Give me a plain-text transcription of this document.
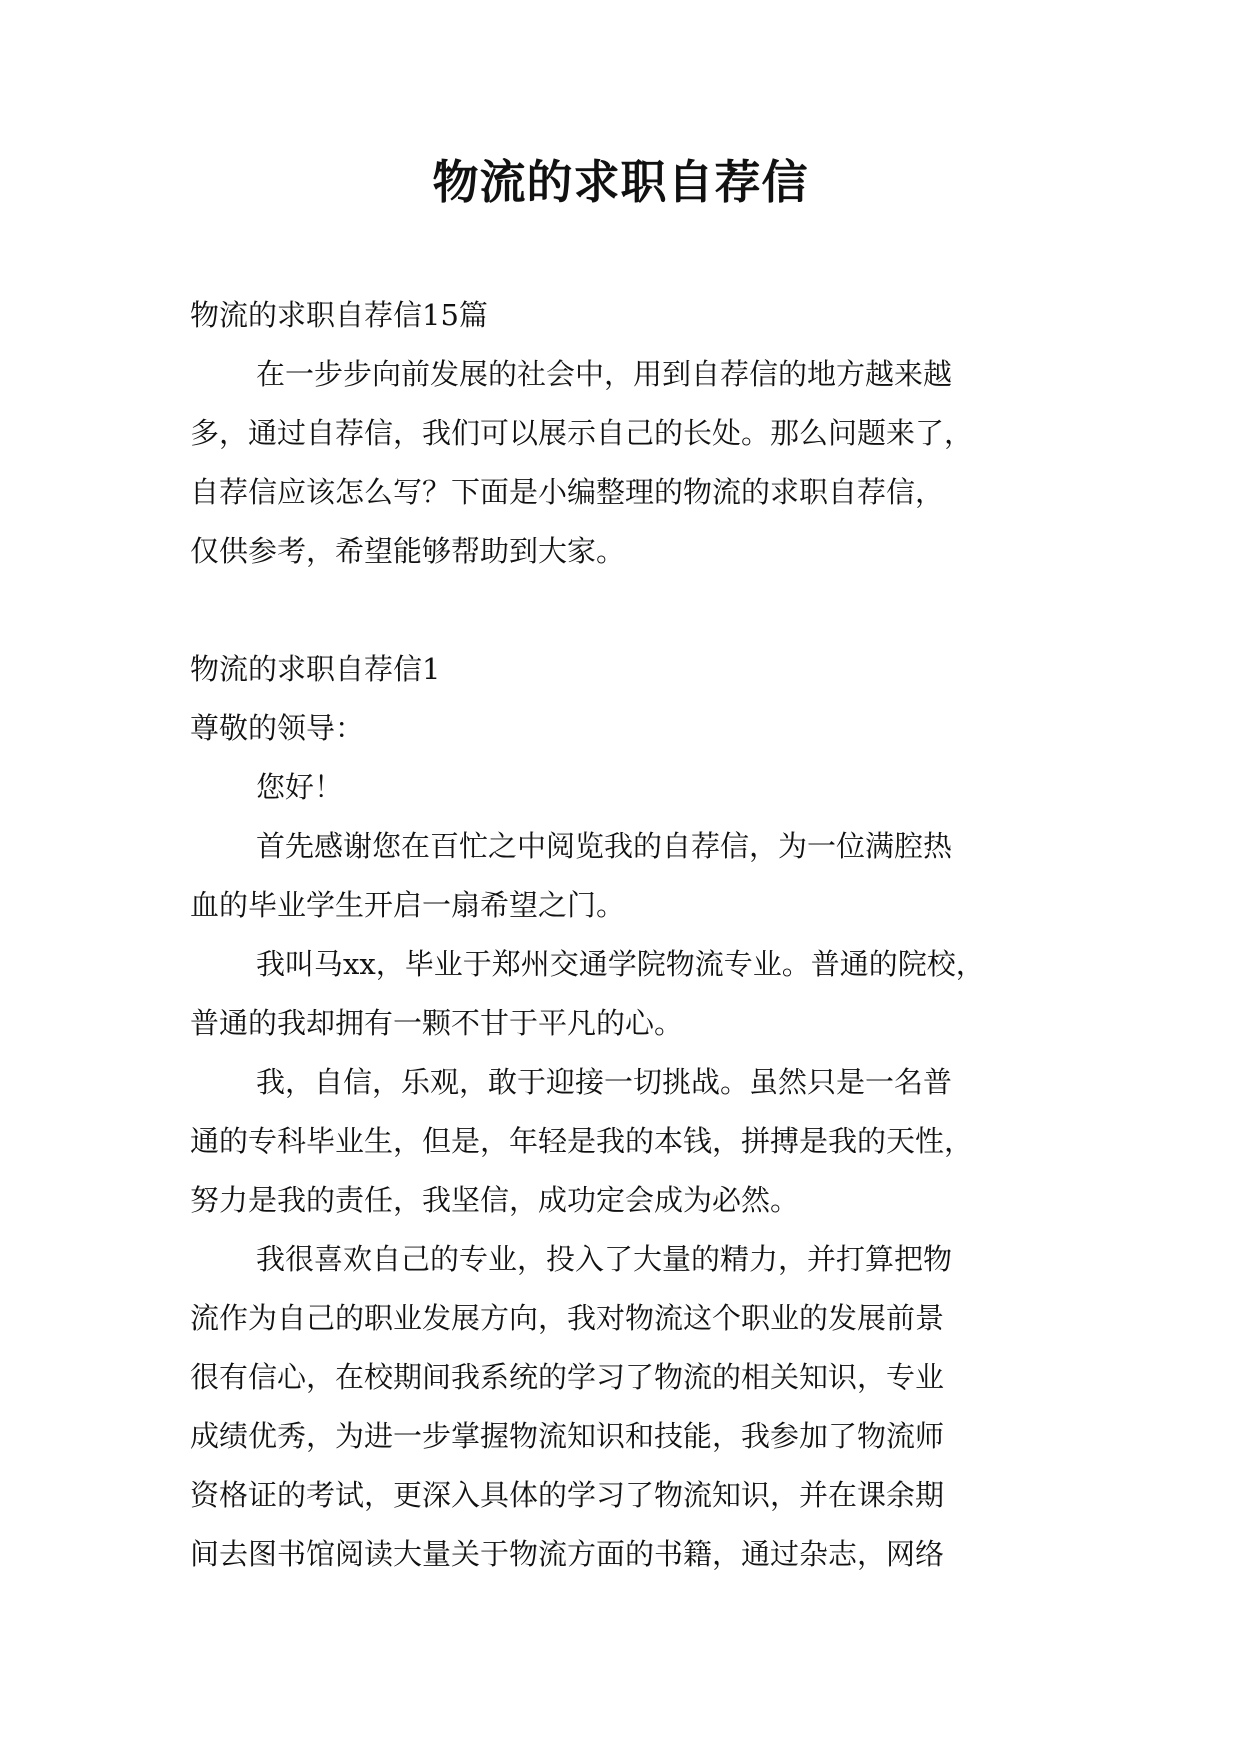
物流的求职自荐信
物流的求职自荐信15篇
在一步步向前发展的社会中，用到自荐信的地方越来越
多，通过自荐信，我们可以展示自己的长处。那么问题来了，
自荐信应该怎么写？下面是小编整理的物流的求职自荐信，
仅供参考，希望能够帮助到大家。
物流的求职自荐信1
尊敬的领导：
您好！
首先感谢您在百忙之中阅览我的自荐信，为一位满腔热
血的毕业学生开启一扇希望之门。
我叫马xx，毕业于郑州交通学院物流专业。普通的院校，
普通的我却拥有一颗不甘于平凡的心。
我，自信，乐观，敢于迎接一切挑战。虽然只是一名普
通的专科毕业生，但是，年轻是我的本钱，拼搏是我的天性，
努力是我的责任，我坚信，成功定会成为必然。
我很喜欢自己的专业，投入了大量的精力，并打算把物
流作为自己的职业发展方向，我对物流这个职业的发展前景
很有信心，在校期间我系统的学习了物流的相关知识，专业
成绩优秀，为进一步掌握物流知识和技能，我参加了物流师
资格证的考试，更深入具体的学习了物流知识，并在课余期
间去图书馆阅读大量关于物流方面的书籍，通过杂志，网络
